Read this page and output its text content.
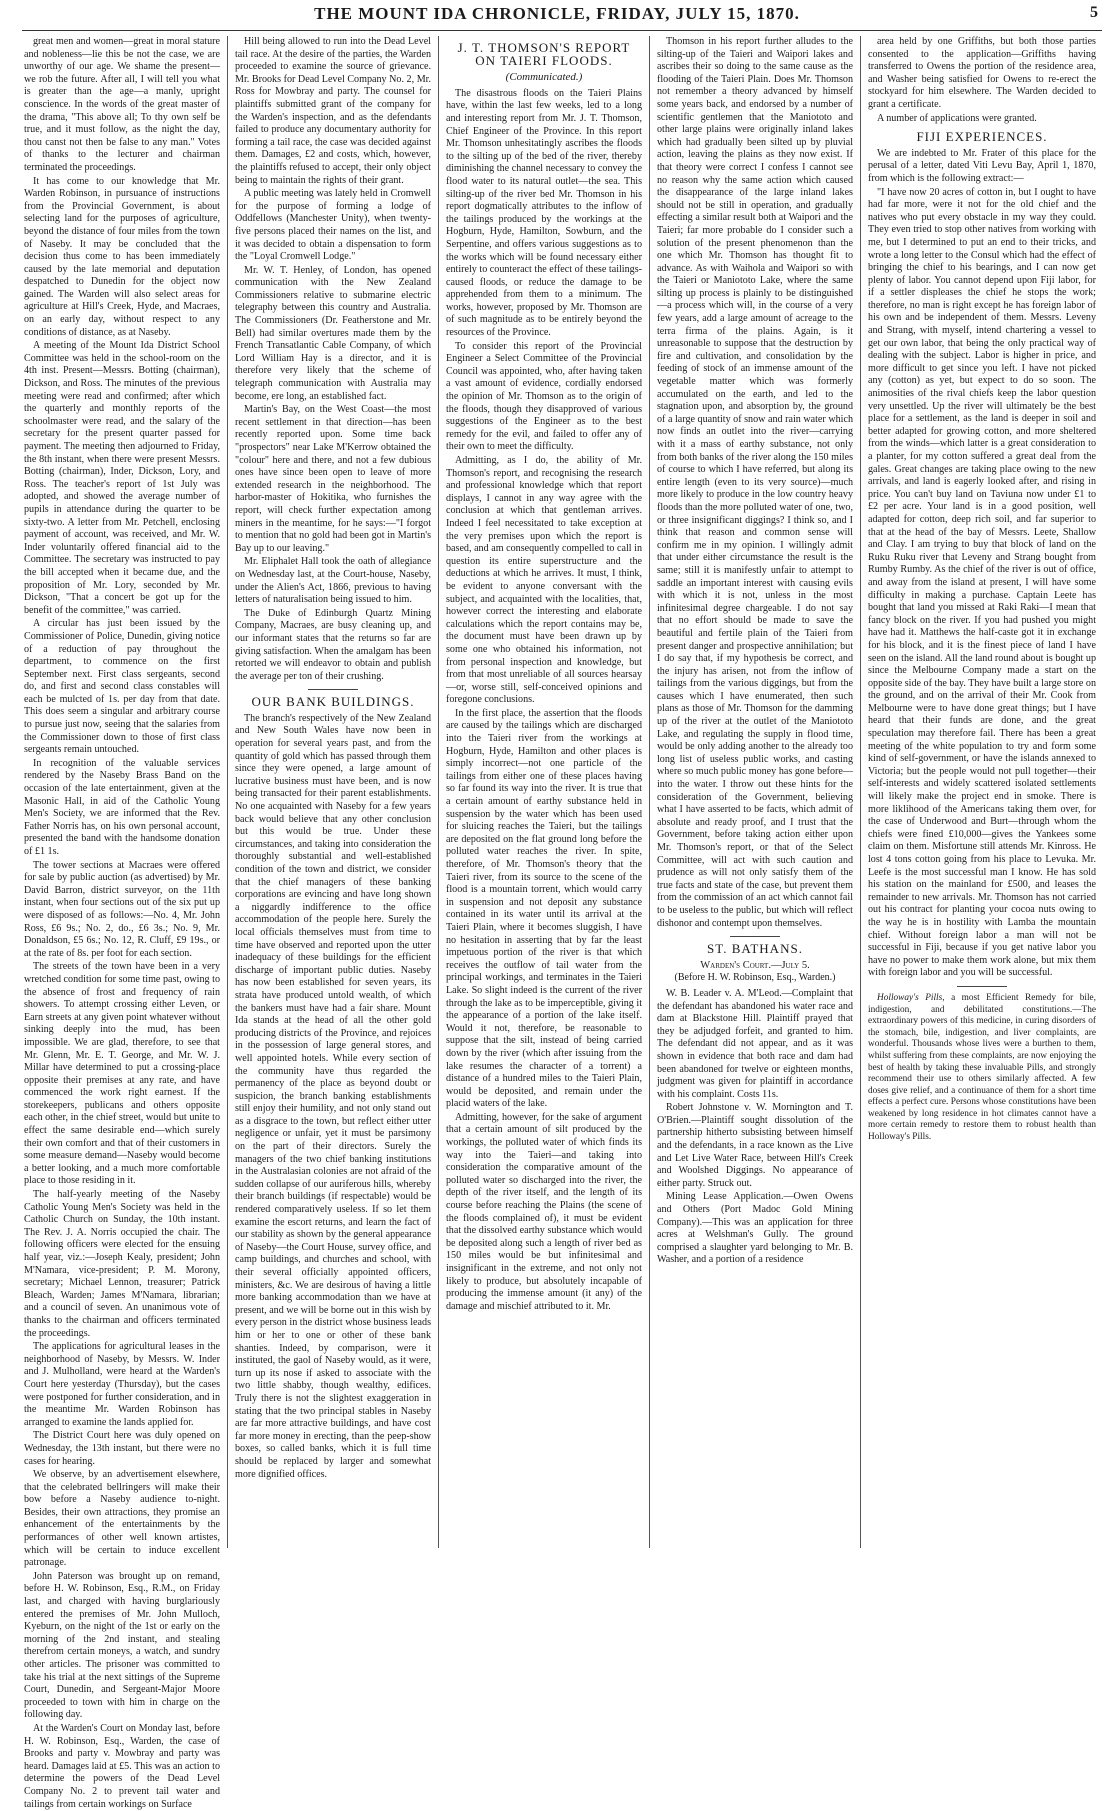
THE MOUNT IDA CHRONICLE, FRIDAY, JULY 15, 1870.	5

great men and women—great in moral stature and nobleness—lie this be not the case, we are unworthy of our age. We shame the present—we rob the future. After all, I will tell you what is greater than the age—a manly, upright conscience. In the words of the great master of the drama, "This above all; To thy own self be true, and it must follow, as the night the day, thou canst not then be false to any man." Votes of thanks to the lecturer and chairman terminated the proceedings.

It has come to our knowledge that Mr. Warden Robinson, in pursuance of instructions from the Provincial Government, is about selecting land for the purposes of agriculture, beyond the distance of four miles from the town of Naseby. It may be concluded that the decision thus come to has been immediately caused by the late memorial and deputation despatched to Dunedin for the object now gained. The Warden will also select areas for agriculture at Hill's Creek, Hyde, and Macraes, on an early day, without respect to any conditions of distance, as at Naseby.

A meeting of the Mount Ida District School Committee was held in the school-room on the 4th inst. Present—Messrs. Botting (chairman), Dickson, and Ross. The minutes of the previous meeting were read and confirmed; after which the quarterly and monthly reports of the schoolmaster were read, and the salary of the secretary for the present quarter passed for payment. The meeting then adjourned to Friday, the 8th instant, when there were present Messrs. Botting (chairman), Inder, Dickson, Lory, and Ross. The teacher's report of 1st July was adopted, and showed the average number of pupils in attendance during the quarter to be sixty-two. A letter from Mr. Petchell, enclosing payment of account, was received, and Mr. W. Inder voluntarily offered financial aid to the Committee. The secretary was instructed to pay the bill accepted when it became due, and the proposition of Mr. Lory, seconded by Mr. Dickson, "That a concert be got up for the benefit of the committee," was carried.

A circular has just been issued by the Commissioner of Police, Dunedin, giving notice of a reduction of pay throughout the department, to commence on the first September next. First class sergeants, second do, and first and second class constables will each be mulcted of 1s. per day from that date. This does seem a singular and arbitrary course to pursue just now, seeing that the salaries from the Commissioner down to those of first class sergeants remain untouched.

In recognition of the valuable services rendered by the Naseby Brass Band on the occasion of the late entertainment, given at the Masonic Hall, in aid of the Catholic Young Men's Society, we are informed that the Rev. Father Norris has, on his own personal account, presented the band with the handsome donation of £1 1s.

The tower sections at Macraes were offered for sale by public auction (as advertised) by Mr. David Barron, district surveyor, on the 11th instant, when four sections out of the six put up were disposed of as follows:—No. 4, Mr. John Ross, £6 9s.; No. 2, do., £6 3s.; No. 9, Mr. Donaldson, £5 6s.; No. 12, R. Cluff, £9 19s., or at the rate of 8s. per foot for each section.

The streets of the town have been in a very wretched condition for some time past, owing to the absence of frost and frequency of rain showers. To attempt crossing either Leven, or Earn streets at any given point whatever without sinking deeply into the mud, has been impossible. We are glad, therefore, to see that Mr. Glenn, Mr. E. T. George, and Mr. W. J. Millar have determined to put a crossing-place opposite their premises at any rate, and have commenced the work right earnest. If the storekeepers, publicans and others opposite each other, in the chief street, would but unite to effect the same desirable end—which surely their own comfort and that of their customers in some measure demand—Naseby would become a better looking, and a much more comfortable place to those residing in it.

The half-yearly meeting of the Naseby Catholic Young Men's Society was held in the Catholic Church on Sunday, the 10th instant. The Rev. J. A. Norris occupied the chair. The following officers were elected for the ensuing half year, viz.:—Joseph Kealy, president; John M'Namara, vice-president; P. M. Morony, secretary; Michael Lennon, treasurer; Patrick Bleach, Warden; James M'Namara, librarian; and a council of seven. An unanimous vote of thanks to the chairman and officers terminated the proceedings.

The applications for agricultural leases in the neighborhood of Naseby, by Messrs. W. Inder and J. Mulholland, were heard at the Warden's Court here yesterday (Thursday), but the cases were postponed for further consideration, and in the meantime Mr. Warden Robinson has arranged to examine the lands applied for.

The District Court here was duly opened on Wednesday, the 13th instant, but there were no cases for hearing.

We observe, by an advertisement elsewhere, that the celebrated bellringers will make their bow before a Naseby audience to-night. Besides, their own attractions, they promise an enhancement of the entertainments by the performances of other well known artistes, which will be certain to induce excellent patronage.

John Paterson was brought up on remand, before H. W. Robinson, Esq., R.M., on Friday last, and charged with having burglariously entered the premises of Mr. John Mulloch, Kyeburn, on the night of the 1st or early on the morning of the 2nd instant, and stealing therefrom certain moneys, a watch, and sundry other articles. The prisoner was committed to take his trial at the next sittings of the Supreme Court, Dunedin, and Sergeant-Major Moore proceeded to town with him in charge on the following day.

At the Warden's Court on Monday last, before H. W. Robinson, Esq., Warden, the case of Brooks and party v. Mowbray and party was heard. Damages laid at £5. This was an action to determine the powers of the Dead Level Company No. 2 to prevent tail water and tailings from certain workings on Surface

Hill being allowed to run into the Dead Level tail race. At the desire of the parties, the Warden proceeded to examine the source of grievance. Mr. Brooks for Dead Level Company No. 2, Mr. Ross for Mowbray and party. The counsel for plaintiffs submitted grant of the company for the Warden's inspection, and as the defendants failed to produce any documentary authority for forming a tail race, the case was decided against them. Damages, £2 and costs, which, however, the plaintiffs refused to accept, their only object being to maintain the rights of their grant.

A public meeting was lately held in Cromwell for the purpose of forming a lodge of Oddfellows (Manchester Unity), when twenty-five persons placed their names on the list, and it was decided to obtain a dispensation to form the "Loyal Cromwell Lodge."

Mr. W. T. Henley, of London, has opened communication with the New Zealand Commissioners relative to submarine electric telegraphy between this country and Australia. The Commissioners (Dr. Featherstone and Mr. Bell) had similar overtures made them by the French Transatlantic Cable Company, of which Lord William Hay is a director, and it is therefore very likely that the scheme of telegraph communication with Australia may become, ere long, an established fact.

Martin's Bay, on the West Coast—the most recent settlement in that direction—has been recently reported upon. Some time back "prospectors" near Lake M'Kerrow obtained the "colour" here and there, and not a few dubious ones have since been open to leave of more extended research in the neighborhood. The harbor-master of Hokitika, who furnishes the report, will check further expectation among miners in the meantime, for he says:—"I forgot to mention that no gold had been got in Martin's Bay up to our leaving."

Mr. Eliphalet Hall took the oath of allegiance on Wednesday last, at the Court-house, Naseby, under the Alien's Act, 1866, previous to having letters of naturalisation being issued to him.

The Duke of Edinburgh Quartz Mining Company, Macraes, are busy cleaning up, and our informant states that the returns so far are giving satisfaction. When the amalgam has been retorted we will endeavor to obtain and publish the average per ton of their crushing.

OUR BANK BUILDINGS.

The branch's respectively of the New Zealand and New South Wales have now been in operation for several years past, and from the quantity of gold which has passed through them since they were opened, a large amount of lucrative business must have been, and is now being transacted for their parent establishments. No one acquainted with Naseby for a few years back would believe that any other conclusion but this would be true. Under these circumstances, and taking into consideration the thoroughly substantial and well-established condition of the town and district, we consider that the chief managers of these banking corporations are evincing and have long shown a niggardly indifference to the office accommodation of the people here. Surely the local officials themselves must from time to time have observed and reported upon the utter inadequacy of these buildings for the efficient discharge of important public duties. Naseby has now been established for seven years, its strata have produced untold wealth, of which the bankers must have had a fair share. Mount Ida stands at the head of all the other gold producing districts of the Province, and rejoices in the possession of large general stores, and well appointed hotels. While every section of the community have thus regarded the permanency of the place as beyond doubt or suspicion, the branch banking establishments still enjoy their humility, and not only stand out as a disgrace to the town, but reflect either utter negligence or unfair, yet it must be parsimony on the part of their directors. Surely the managers of the two chief banking institutions in the Australasian colonies are not afraid of the sudden collapse of our auriferous hills, whereby their branch buildings (if respectable) would be rendered comparatively useless. If so let them examine the escort returns, and learn the fact of our stability as shown by the general appearance of Naseby—the Court House, survey office, and camp buildings, and churches and school, with their several officially appointed officers, ministers, &c. We are desirous of having a little more banking accommodation than we have at present, and we will be borne out in this wish by every person in the district whose business leads him or her to one or other of these bank shanties. Indeed, by comparison, were it instituted, the gaol of Naseby would, as it were, turn up its nose if asked to associate with the two little shabby, though wealthy, edifices. Truly there is not the slightest exaggeration in stating that the two principal stables in Naseby are far more attractive buildings, and have cost far more money in erecting, than the peep-show boxes, so called banks, which it is full time should be replaced by larger and somewhat more dignified offices.

J. T. THOMSON'S REPORT ON TAIERI FLOODS.
(Communicated.)

The disastrous floods on the Taieri Plains have, within the last few weeks, led to a long and interesting report from Mr. J. T. Thomson, Chief Engineer of the Province. In this report Mr. Thomson unhesitatingly ascribes the floods to the silting up of the bed of the river, thereby diminishing the channel necessary to convey the flood water to its natural outlet—the sea. This silting-up of the river bed Mr. Thomson in his report dogmatically attributes to the inflow of the tailings produced by the workings at the Hogburn, Hyde, Hamilton, Sowburn, and the Serpentine, and offers various suggestions as to the works which will be found necessary either entirely to counteract the effect of these tailings-caused floods, or reduce the damage to be apprehended from them to a minimum. The works, however, proposed by Mr. Thomson are of such magnitude as to be entirely beyond the resources of the Province.

To consider this report of the Provincial Engineer a Select Committee of the Provincial Council was appointed, who, after having taken a vast amount of evidence, cordially endorsed the opinion of Mr. Thomson as to the origin of the floods, though they disapproved of various suggestions of the Engineer as to the best remedy for the evil, and failed to offer any of their own to meet the difficulty.

Admitting, as I do, the ability of Mr. Thomson's report, and recognising the research and professional knowledge which that report displays, I cannot in any way agree with the conclusion at which that gentleman arrives. Indeed I feel necessitated to take exception at the very premises upon which the report is based, and am consequently compelled to call in question its entire superstructure and the deductions at which he arrives. It must, I think, be evident to anyone conversant with the subject, and acquainted with the localities, that, however correct the interesting and elaborate calculations which the report contains may be, the document must have been drawn up by some one who obtained his information, not from personal inspection and knowledge, but from that most unreliable of all sources hearsay—or, worse still, self-conceived opinions and foregone conclusions.

In the first place, the assertion that the floods are caused by the tailings which are discharged into the Taieri river from the workings at Hogburn, Hyde, Hamilton and other places is simply incorrect—not one particle of the tailings from either one of these places having so far found its way into the river. It is true that a certain amount of earthy substance held in suspension by the water which has been used for sluicing reaches the Taieri, but the tailings are deposited on the flat ground long before the polluted water reaches the river. In spite, therefore, of Mr. Thomson's theory that the Taieri river, from its source to the scene of the flood is a mountain torrent, which would carry in suspension and not deposit any substance contained in its water until its arrival at the Taieri Plain, where it becomes sluggish, I have no hesitation in asserting that by far the least impetuous portion of the river is that which receives the outflow of tail water from the principal workings, and terminates in the Taieri Lake. So slight indeed is the current of the river through the lake as to be imperceptible, giving it the appearance of a portion of the lake itself. Would it not, therefore, be reasonable to suppose that the silt, instead of being carried down by the river (which after issuing from the lake resumes the character of a torrent) a distance of a hundred miles to the Taieri Plain, would be deposited, and remain under the placid waters of the lake.

Admitting, however, for the sake of argument that a certain amount of silt produced by the workings, the polluted water of which finds its way into the Taieri—and taking into consideration the comparative amount of the polluted water so discharged into the river, the depth of the river itself, and the length of its course before reaching the Plains (the scene of the floods complained of), it must be evident that the dissolved earthy substance which would be deposited along such a length of river bed as 150 miles would be but infinitesimal and insignificant in the extreme, and not only not likely to produce, but absolutely incapable of producing the immense amount (it any) of the damage and mischief attributed to it. Mr.

Thomson in his report further alludes to the silting-up of the Taieri and Waipori lakes and ascribes their so doing to the same cause as the flooding of the Taieri Plain. Does Mr. Thomson not remember a theory advanced by himself some years back, and endorsed by a number of scientific gentlemen that the Maniototo and other large plains were originally inland lakes which had gradually been silted up by pluvial action, leaving the plains as they now exist. If that theory were correct I confess I cannot see no reason why the same action which caused the disappearance of the large inland lakes should not be still in operation, and gradually effecting a similar result both at Waipori and the Taieri; far more probable do I consider such a solution of the present phenomenon than the one which Mr. Thomson has thought fit to advance. As with Waihola and Waipori so with the Taieri or Maniototo Lake, where the same silting up process is plainly to be distinguished—a process which will, in the course of a very few years, add a large amount of acreage to the terra firma of the plains. Again, is it unreasonable to suppose that the destruction by fire and cultivation, and consolidation by the feeding of stock of an immense amount of the vegetable matter which was formerly accumulated on the earth, and led to the stagnation upon, and absorption by, the ground of a large quantity of snow and rain water which now finds an outlet into the river—carrying with it a mass of earthy substance, not only from both banks of the river along the 150 miles of course to which I have referred, but along its entire length (even to its very source)—much more likely to produce in the low country heavy floods than the more polluted water of one, two, or three insignificant diggings? I think so, and I think that reason and common sense will confirm me in my opinion. I willingly admit that under either circumstance the result is the same; still it is manifestly unfair to attempt to saddle an important interest with causing evils with which it is not, unless in the most infinitesimal degree chargeable. I do not say that no effort should be made to save the beautiful and fertile plain of the Taieri from present danger and prospective annihilation; but I do say that, if my hypothesis be correct, and the injury has arisen, not from the inflow of tailings from the various diggings, but from the causes which I have enumerated, then such plans as those of Mr. Thomson for the damming up of the river at the outlet of the Maniototo Lake, and regulating the supply in flood time, would be only adding another to the already too long list of useless public works, and casting where so much public money has gone before—into the water. I throw out these hints for the consideration of the Government, believing what I have asserted to be facts, which admit of absolute and ready proof, and I trust that the Government, before taking action either upon Mr. Thomson's report, or that of the Select Committee, will act with such caution and prudence as will not only satisfy them of the true facts and state of the case, but prevent them from the commission of an act which cannot fail to be useless to the public, but which will reflect dishonor and contempt upon themselves.

ST. BATHANS.
Warden's Court.—July 5.
(Before H. W. Robinson, Esq., Warden.)

W. B. Leader v. A. M'Leod.—Complaint that the defendant has abandoned his water race and dam at Blackstone Hill. Plaintiff prayed that they be adjudged forfeit, and granted to him. The defendant did not appear, and as it was shown in evidence that both race and dam had been abandoned for twelve or eighteen months, judgment was given for plaintiff in accordance with his complaint. Costs 11s.

Robert Johnstone v. W. Mornington and T. O'Brien.—Plaintiff sought dissolution of the partnership hitherto subsisting between himself and the defendants, in a race known as the Live and Let Live Water Race, between Hill's Creek and Woolshed Diggings. No appearance of either party. Struck out.

Mining Lease Application.—Owen Owens and Others (Port Madoc Gold Mining Company).—This was an application for three acres at Welshman's Gully. The ground comprised a slaughter yard belonging to Mr. B. Washer, and a portion of a residence

area held by one Griffiths, but both those parties consented to the application—Griffiths having transferred to Owens the portion of the residence area, and Washer being satisfied for Owens to re-erect the stockyard for him elsewhere. The Warden decided to grant a certificate.

A number of applications were granted.

FIJI EXPERIENCES.

We are indebted to Mr. Frater of this place for the perusal of a letter, dated Viti Levu Bay, April 1, 1870, from which is the following extract:—

"I have now 20 acres of cotton in, but I ought to have had far more, were it not for the old chief and the natives who put every obstacle in my way they could. They even tried to stop other natives from working with me, but I determined to put an end to their tricks, and wrote a long letter to the Consul which had the effect of bringing the chief to his bearings, and I can now get plenty of labor. You cannot depend upon Fiji labor, for if a settler displeases the chief he stops the work; therefore, no man is right except he has foreign labor of his own and be independent of them. Messrs. Leveny and Strang, with myself, intend chartering a vessel to get our own labor, that being the only practical way of dealing with the subject. Labor is higher in price, and more difficult to get since you left. I have not picked any (cotton) as yet, but expect to do so soon. The animosities of the rival chiefs keep the labor question very unsettled. Up the river will ultimately be the best place for a settlement, as the land is deeper in soil and better adapted for growing cotton, and more sheltered from the winds—which latter is a great consideration to a planter, for my cotton suffered a great deal from the gales. Great changes are taking place owing to the new arrivals, and land is eagerly looked after, and rising in price. You can't buy land on Taviuna now under £1 to £2 per acre. Your land is in a good position, well adapted for cotton, deep rich soil, and far superior to that at the head of the bay of Messrs. Leete, Shallow and Clay. I am trying to buy that block of land on the Ruku Ruku river that Leveny and Strang bought from Rumby Rumby. As the chief of the river is out of office, and away from the island at present, I will have some difficulty in making a purchase. Captain Leete has bought that land you missed at Raki Raki—I mean that fancy block on the river. If you had pushed you might have had it. Matthews the half-caste got it in exchange for his block, and it is the finest piece of land I have seen on the island. All the land round about is bought up since the Melbourne Company made a start on the opposite side of the bay. They have built a large store on the ground, and on the arrival of their Mr. Cook from Melbourne were to have done great things; but I have heard that their funds are done, and the great speculation may therefore fail. There has been a great meeting of the white population to try and form some kind of self-government, or have the islands annexed to Victoria; but the people would not pull together—their self-interests and widely scattered isolated settlements will likely make the project end in smoke. There is more liklihood of the Americans taking them over, for the case of Underwood and Burt—through whom the chiefs were fined £10,000—gives the Yankees some claim on them. Misfortune still attends Mr. Kinross. He lost 4 tons cotton going from his place to Levuka. Mr. Leefe is the most successful man I know. He has sold his station on the mainland for £500, and leases the remainder to new arrivals. Mr. Thomson has not carried out his contract for planting your cocoa nuts owing to the way he is in hostility with Lamba the mountain chief. Without foreign labor a man will not be successful in Fiji, because if you get native labor you have no power to make them work alone, but mix them with foreign labor and you will be successful.

Holloway's Pills, a most Efficient Remedy for bile, indigestion, and debilitated constitutions.—The extraordinary powers of this medicine, in curing disorders of the stomach, bile, indigestion, and liver complaints, are wonderful. Thousands whose lives were a burthen to them, whilst suffering from these complaints, are now enjoying the best of health by taking these invaluable Pills, and strongly recommend their use to others similarly affected. A few doses give relief, and a continuance of them for a short time effects a perfect cure. Persons whose constitutions have been weakened by long residence in hot climates cannot have a more certain remedy to restore them to robust health than Holloway's Pills.
